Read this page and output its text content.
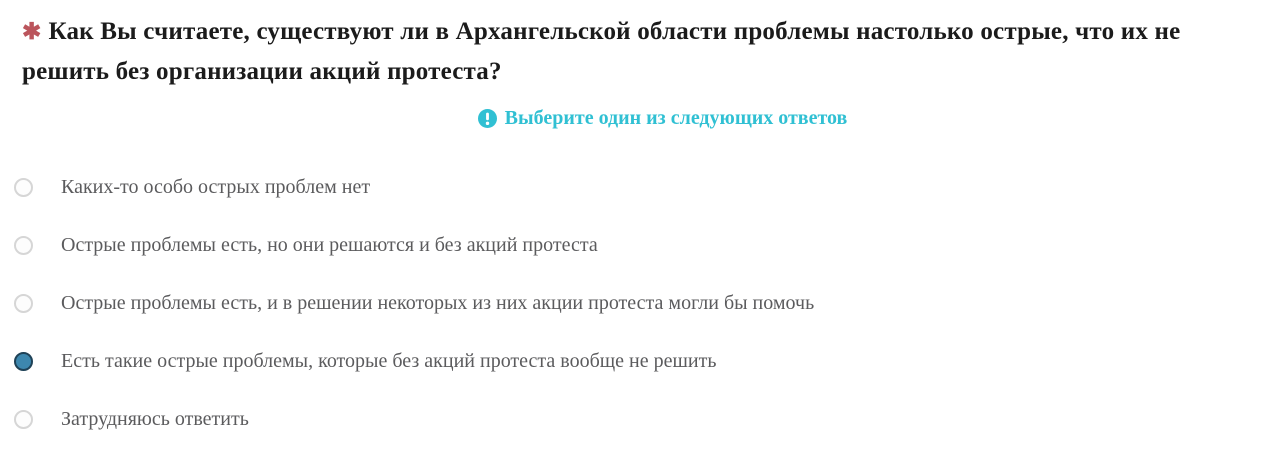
✱ Как Вы считаете, существуют ли в Архангельской области проблемы настолько острые, что их не решить без организации акций протеста?
Выберите один из следующих ответов
Каких-то особо острых проблем нет
Острые проблемы есть, но они решаются и без акций протеста
Острые проблемы есть, и в решении некоторых из них акции протеста могли бы помочь
Есть такие острые проблемы, которые без акций протеста вообще не решить
Затрудняюсь ответить
